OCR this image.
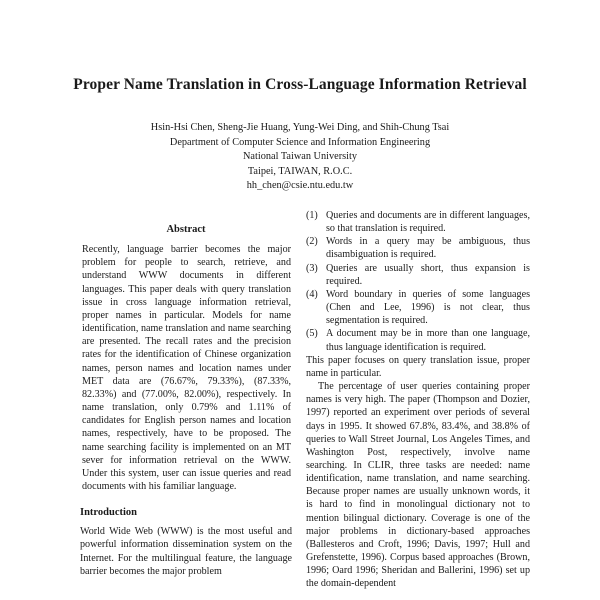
Proper Name Translation in Cross-Language Information Retrieval
Hsin-Hsi Chen, Sheng-Jie Huang, Yung-Wei Ding, and Shih-Chung Tsai
Department of Computer Science and Information Engineering
National Taiwan University
Taipei, TAIWAN, R.O.C.
hh_chen@csie.ntu.edu.tw
Abstract
Recently, language barrier becomes the major problem for people to search, retrieve, and understand WWW documents in different languages. This paper deals with query translation issue in cross language information retrieval, proper names in particular. Models for name identification, name translation and name searching are presented. The recall rates and the precision rates for the identification of Chinese organization names, person names and location names under MET data are (76.67%, 79.33%), (87.33%, 82.33%) and (77.00%, 82.00%), respectively. In name translation, only 0.79% and 1.11% of candidates for English person names and location names, respectively, have to be proposed. The name searching facility is implemented on an MT sever for information retrieval on the WWW. Under this system, user can issue queries and read documents with his familiar language.
Introduction
World Wide Web (WWW) is the most useful and powerful information dissemination system on the Internet. For the multilingual feature, the language barrier becomes the major problem
(1) Queries and documents are in different languages, so that translation is required.
(2) Words in a query may be ambiguous, thus disambiguation is required.
(3) Queries are usually short, thus expansion is required.
(4) Word boundary in queries of some languages (Chen and Lee, 1996) is not clear, thus segmentation is required.
(5) A document may be in more than one language, thus language identification is required.

This paper focuses on query translation issue, proper name in particular.

The percentage of user queries containing proper names is very high. The paper (Thompson and Dozier, 1997) reported an experiment over periods of several days in 1995. It showed 67.8%, 83.4%, and 38.8% of queries to Wall Street Journal, Los Angeles Times, and Washington Post, respectively, involve name searching. In CLIR, three tasks are needed: name identification, name translation, and name searching. Because proper names are usually unknown words, it is hard to find in monolingual dictionary not to mention bilingual dictionary. Coverage is one of the major problems in dictionary-based approaches (Ballesteros and Croft, 1996; Davis, 1997; Hull and Grefenstette, 1996). Corpus based approaches (Brown, 1996; Oard 1996; Sheridan and Ballerini, 1996) set up the domain-dependent
